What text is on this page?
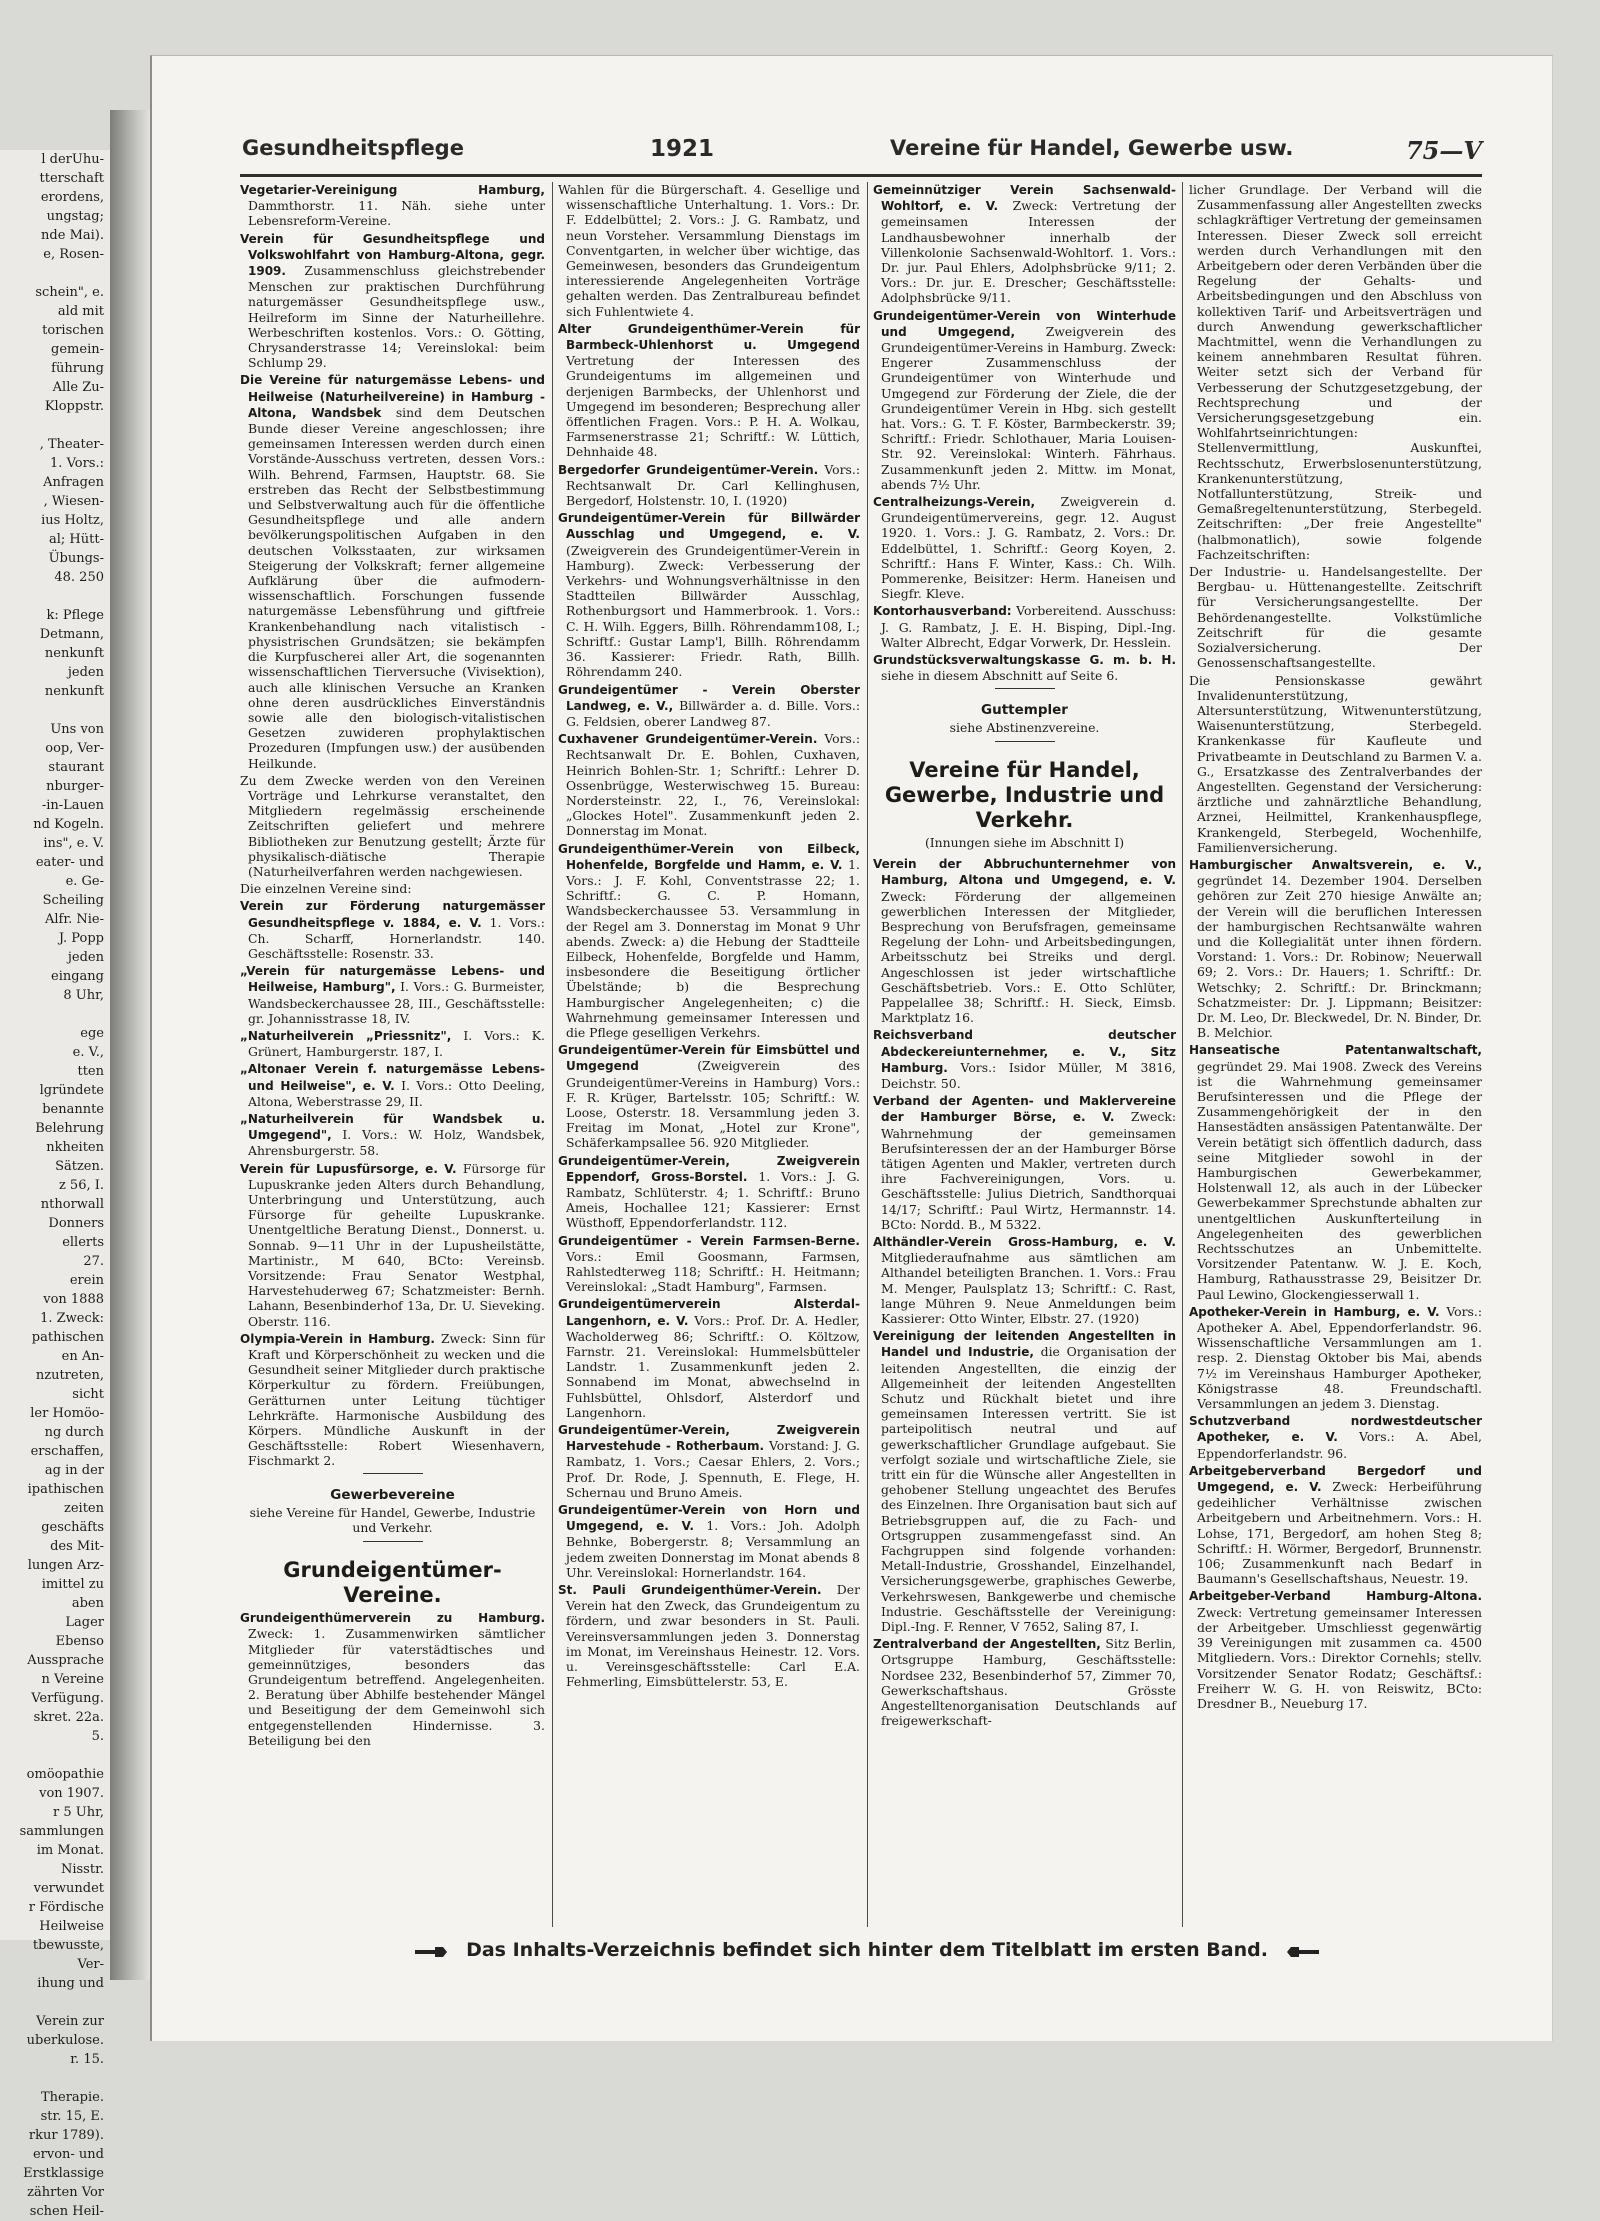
l derUhu-
tterschaft
erordens,
ungstag;
nde Mai).
e, Rosen-

schein", e.
ald mit
torischen
gemein-
führung
Alle Zu-
Kloppstr.

, Theater-
1. Vors.:
Anfragen
, Wiesen-
ius Holtz,
al; Hütt-
Übungs-
48. 250

k: Pflege
Detmann,
nenkunft
jeden
nenkunft

Uns von
oop, Ver-
staurant
nburger-
-in-Lauen
nd Kogeln.
ins", e. V.
eater- und
e. Ge-
Scheiling
Alfr. Nie-
J. Popp
jeden
eingang
8 Uhr,

ege
e. V.,
tten
lgründete
benannte
Belehrung
nkheiten
Sätzen.
z 56, I.
nthorwall
Donners
ellerts
27.
erein
von 1888
1. Zweck:
pathischen
en An-
nzutreten,
sicht
ler Homöo-
ng durch
erschaffen,
ag in der
ipathischen
zeiten
geschäfts
des Mit-
lungen Arz-
imittel zu
aben
Lager
Ebenso
Aussprache
n Vereine
Verfügung.
skret. 22a.
5.

omöopathie
von 1907.
r 5 Uhr,
sammlungen
im Monat.
Nisstr.
verwundet
r Fördische
Heilweise
tbewusste,
Ver-
ihung und

Verein zur
uberkulose.
r. 15.

Therapie.
str. 15, E.
rkur 1789).
ervon- und
Erstklassige
zährten Vor
schen Heil-
Gesundheitspflege	1921	Vereine für Handel, Gewerbe usw.	75—V

Vegetarier-Vereinigung Hamburg, Dammthorstr. 11. Näh. siehe unter Lebensreform-Vereine.

Verein für Gesundheitspflege und Volkswohlfahrt von Hamburg-Altona, gegr. 1909. Zusammenschluss gleichstrebender Menschen zur praktischen Durchführung naturgemässer Gesundheitspflege usw., Heilreform im Sinne der Naturheillehre. Werbeschriften kostenlos. Vors.: O. Götting, Chrysanderstrasse 14; Vereinslokal: beim Schlump 29.

Die Vereine für naturgemässe Lebens- und Heilweise (Naturheilvereine) in Hamburg - Altona, Wandsbek sind dem Deutschen Bunde dieser Vereine angeschlossen; ihre gemeinsamen Interessen werden durch einen Vorstände-Ausschuss vertreten, dessen Vors.: Wilh. Behrend, Farmsen, Hauptstr. 68. Sie erstreben das Recht der Selbstbestimmung und Selbstverwaltung auch für die öffentliche Gesundheitspflege und alle andern bevölkerungspolitischen Aufgaben in den deutschen Volksstaaten, zur wirksamen Steigerung der Volkskraft; ferner allgemeine Aufklärung über die aufmodern-wissenschaftlich. Forschungen fussende naturgemässe Lebensführung und giftfreie Krankenbehandlung nach vitalistisch - physistrischen Grundsätzen; sie bekämpfen die Kurpfuscherei aller Art, die sogenannten wissenschaftlichen Tierversuche (Vivisektion), auch alle klinischen Versuche an Kranken ohne deren ausdrückliches Einverständnis sowie alle den biologisch-vitalistischen Gesetzen zuwideren prophylaktischen Prozeduren (Impfungen usw.) der ausübenden Heilkunde.

Zu dem Zwecke werden von den Vereinen Vorträge und Lehrkurse veranstaltet, den Mitgliedern regelmässig erscheinende Zeitschriften geliefert und mehrere Bibliotheken zur Benutzung gestellt; Ärzte für physikalisch-diätische Therapie (Naturheilverfahren werden nachgewiesen.

Die einzelnen Vereine sind:

Verein zur Förderung naturgemässer Gesundheitspflege v. 1884, e. V. 1. Vors.: Ch. Scharff, Hornerlandstr. 140. Geschäftsstelle: Rosenstr. 33.

„Verein für naturgemässe Lebens- und Heilweise, Hamburg", I. Vors.: G. Burmeister, Wandsbeckerchaussee 28, III., Geschäftsstelle: gr. Johannisstrasse 18, IV.

„Naturheilverein „Priessnitz", I. Vors.: K. Grünert, Hamburgerstr. 187, I.

„Altonaer Verein f. naturgemässe Lebens- und Heilweise", e. V. I. Vors.: Otto Deeling, Altona, Weberstrasse 29, II.

„Naturheilverein für Wandsbek u. Umgegend", I. Vors.: W. Holz, Wandsbek, Ahrensburgerstr. 58.

Verein für Lupusfürsorge, e. V. Fürsorge für Lupuskranke jeden Alters durch Behandlung, Unterbringung und Unterstützung, auch Fürsorge für geheilte Lupuskranke. Unentgeltliche Beratung Dienst., Donnerst. u. Sonnab. 9—11 Uhr in der Lupusheilstätte, Martinistr., M 640, BCto: Vereinsb. Vorsitzende: Frau Senator Westphal, Harvestehuderweg 67; Schatzmeister: Bernh. Lahann, Besenbinderhof 13a, Dr. U. Sieveking. Oberstr. 116.

Olympia-Verein in Hamburg. Zweck: Sinn für Kraft und Körperschönheit zu wecken und die Gesundheit seiner Mitglieder durch praktische Körperkultur zu fördern. Freiübungen, Gerätturnen unter Leitung tüchtiger Lehrkräfte. Harmonische Ausbildung des Körpers. Mündliche Auskunft in der Geschäftsstelle: Robert Wiesenhavern, Fischmarkt 2.

Gewerbevereine
siehe Vereine für Handel, Gewerbe, Industrie und Verkehr.
Grundeigentümer-Vereine.

Grundeigenthümerverein zu Hamburg. Zweck: 1. Zusammenwirken sämtlicher Mitglieder für vaterstädtisches und gemeinnütziges, besonders das Grundeigentum betreffend. Angelegenheiten. 2. Beratung über Abhilfe bestehender Mängel und Beseitigung der dem Gemeinwohl sich entgegenstellenden Hindernisse. 3. Beteiligung bei den

Wahlen für die Bürgerschaft. 4. Gesellige und wissenschaftliche Unterhaltung. 1. Vors.: Dr. F. Eddelbüttel; 2. Vors.: J. G. Rambatz, und neun Vorsteher. Versammlung Dienstags im Conventgarten, in welcher über wichtige, das Gemeinwesen, besonders das Grundeigentum interessierende Angelegenheiten Vorträge gehalten werden. Das Zentralbureau befindet sich Fuhlentwiete 4.

Alter Grundeigenthümer-Verein für Barmbeck-Uhlenhorst u. Umgegend Vertretung der Interessen des Grundeigentums im allgemeinen und derjenigen Barmbecks, der Uhlenhorst und Umgegend im besonderen; Besprechung aller öffentlichen Fragen. Vors.: P. H. A. Wolkau, Farmsenerstrasse 21; Schriftf.: W. Lüttich, Dehnhaide 48.

Bergedorfer Grundeigentümer-Verein. Vors.: Rechtsanwalt Dr. Carl Kellinghusen, Bergedorf, Holstenstr. 10, I. (1920)

Grundeigentümer-Verein für Billwärder Ausschlag und Umgegend, e. V. (Zweigverein des Grundeigentümer-Verein in Hamburg). Zweck: Verbesserung der Verkehrs- und Wohnungsverhältnisse in den Stadtteilen Billwärder Ausschlag, Rothenburgsort und Hammerbrook. 1. Vors.: C. H. Wilh. Eggers, Billh. Röhrendamm108, I.; Schriftf.: Gustar Lamp'l, Billh. Röhrendamm 36. Kassierer: Friedr. Rath, Billh. Röhrendamm 240.

Grundeigentümer - Verein Oberster Landweg, e. V., Billwärder a. d. Bille. Vors.: G. Feldsien, oberer Landweg 87.

Cuxhavener Grundeigentümer-Verein. Vors.: Rechtsanwalt Dr. E. Bohlen, Cuxhaven, Heinrich Bohlen-Str. 1; Schriftf.: Lehrer D. Ossenbrügge, Westerwischweg 15. Bureau: Nordersteinstr. 22, I., 76, Vereinslokal: „Glockes Hotel". Zusammenkunft jeden 2. Donnerstag im Monat.

Grundeigenthümer-Verein von Eilbeck, Hohenfelde, Borgfelde und Hamm, e. V. 1. Vors.: J. F. Kohl, Conventstrasse 22; 1. Schriftf.: G. C. P. Homann, Wandsbeckerchaussee 53. Versammlung in der Regel am 3. Donnerstag im Monat 9 Uhr abends. Zweck: a) die Hebung der Stadtteile Eilbeck, Hohenfelde, Borgfelde und Hamm, insbesondere die Beseitigung örtlicher Übelstände; b) die Besprechung Hamburgischer Angelegenheiten; c) die Wahrnehmung gemeinsamer Interessen und die Pflege geselligen Verkehrs.

Grundeigentümer-Verein für Eimsbüttel und Umgegend	(Zweigverein des Grundeigentümer-Vereins in Hamburg) Vors.: F. R. Krüger, Bartelsstr. 105; Schriftf.: W. Loose, Osterstr. 18. Versammlung jeden 3. Freitag im Monat, „Hotel zur Krone", Schäferkampsallee 56. 920 Mitglieder.

Grundeigentümer-Verein, Zweigverein Eppendorf, Gross-Borstel. 1. Vors.: J. G. Rambatz, Schlüterstr. 4; 1. Schriftf.: Bruno Ameis, Hochallee 121; Kassierer: Ernst Wüsthoff, Eppendorferlandstr. 112.

Grundeigentümer - Verein Farmsen-Berne. Vors.: Emil Goosmann, Farmsen, Rahlstedterweg 118; Schriftf.: H. Heitmann; Vereinslokal: „Stadt Hamburg", Farmsen.

Grundeigentümerverein Alsterdal-Langenhorn, e. V. Vors.: Prof. Dr. A. Hedler, Wacholderweg 86; Schriftf.: O. Költzow, Farnstr. 21. Vereinslokal: Hummelsbütteler Landstr. 1. Zusammenkunft jeden 2. Sonnabend im Monat, abwechselnd in Fuhlsbüttel, Ohlsdorf, Alsterdorf und Langenhorn.

Grundeigentümer-Verein, Zweigverein Harvestehude - Rotherbaum. Vorstand: J. G. Rambatz, 1. Vors.; Caesar Ehlers, 2. Vors.; Prof. Dr. Rode, J. Spennuth, E. Flege, H. Schernau und Bruno Ameis.

Grundeigentümer-Verein von Horn und Umgegend, e. V. 1. Vors.: Joh. Adolph Behnke, Bobergerstr. 8; Versammlung an jedem zweiten Donnerstag im Monat abends 8 Uhr. Vereinslokal: Hornerlandstr. 164.

St. Pauli Grundeigenthümer-Verein. Der Verein hat den Zweck, das Grundeigentum zu fördern, und zwar besonders in St. Pauli. Vereinsversammlungen jeden 3. Donnerstag im Monat, im Vereinshaus Heinestr. 12. Vors. u. Vereinsgeschäftsstelle: Carl E.A. Fehmerling, Eimsbüttelerstr. 53, E.

Gemeinnütziger Verein Sachsenwald-Wohltorf, e. V. Zweck: Vertretung der gemeinsamen Interessen der Landhausbewohner innerhalb der Villenkolonie Sachsenwald-Wohltorf. 1. Vors.: Dr. jur. Paul Ehlers, Adolphsbrücke 9/11; 2. Vors.: Dr. jur. E. Drescher; Geschäftsstelle: Adolphsbrücke 9/11.

Grundeigentümer-Verein von Winterhude und Umgegend, Zweigverein des Grundeigentümer-Vereins in Hamburg. Zweck: Engerer Zusammenschluss der Grundeigentümer von Winterhude und Umgegend zur Förderung der Ziele, die der Grundeigentümer Verein in Hbg. sich gestellt hat. Vors.: G. T. F. Köster, Barmbeckerstr. 39; Schriftf.: Friedr. Schlothauer, Maria Louisen-Str. 92. Vereinslokal: Winterh. Fährhaus. Zusammenkunft jeden 2. Mittw. im Monat, abends 7½ Uhr.

Centralheizungs-Verein, Zweigverein d. Grundeigentümervereins, gegr. 12. August 1920. 1. Vors.: J. G. Rambatz, 2. Vors.: Dr. Eddelbüttel, 1. Schriftf.: Georg Koyen, 2. Schriftf.: Hans F. Winter, Kass.: Ch. Wilh. Pommerenke, Beisitzer: Herm. Haneisen und Siegfr. Kleve.

Kontorhausverband: Vorbereitend. Ausschuss: J. G. Rambatz, J. E. H. Bisping, Dipl.-Ing. Walter Albrecht, Edgar Vorwerk, Dr. Hesslein.

Grundstücksverwaltungskasse G. m. b. H. siehe in diesem Abschnitt auf Seite 6.

Guttempler
siehe Abstinenzvereine.
Vereine für Handel, Gewerbe, Industrie und Verkehr.
(Innungen siehe im Abschnitt I)

Verein der Abbruchunternehmer von Hamburg, Altona und Umgegend, e. V. Zweck: Förderung der allgemeinen gewerblichen Interessen der Mitglieder, Besprechung von Berufsfragen, gemeinsame Regelung der Lohn- und Arbeitsbedingungen, Arbeitsschutz bei Streiks und dergl. Angeschlossen ist jeder wirtschaftliche Geschäftsbetrieb. Vors.: E. Otto Schlüter, Pappelallee 38; Schriftf.: H. Sieck, Eimsb. Marktplatz 16.

Reichsverband deutscher Abdeckereiunternehmer, e. V., Sitz Hamburg. Vors.: Isidor Müller, M 3816, Deichstr. 50.

Verband der Agenten- und Maklervereine der Hamburger Börse, e. V. Zweck: Wahrnehmung der gemeinsamen Berufsinteressen der an der Hamburger Börse tätigen Agenten und Makler, vertreten durch ihre Fachvereinigungen, Vors. u. Geschäftsstelle: Julius Dietrich, Sandthorquai 14/17; Schriftf.: Paul Wirtz, Hermannstr. 14. BCto: Nordd. B., M 5322.

Althändler-Verein Gross-Hamburg, e. V. Mitgliederaufnahme aus sämtlichen am Althandel beteiligten Branchen. 1. Vors.: Frau M. Menger, Paulsplatz 13; Schriftf.: C. Rast, lange Mühren 9. Neue Anmeldungen beim Kassierer: Otto Winter, Elbstr. 27. (1920)

Vereinigung der leitenden Angestellten in Handel und Industrie, die Organisation der leitenden Angestellten, die einzig der Allgemeinheit der leitenden Angestellten Schutz und Rückhalt bietet und ihre gemeinsamen Interessen vertritt. Sie ist parteipolitisch neutral und auf gewerkschaftlicher Grundlage aufgebaut. Sie verfolgt soziale und wirtschaftliche Ziele, sie tritt ein für die Wünsche aller Angestellten in gehobener Stellung ungeachtet des Berufes des Einzelnen. Ihre Organisation baut sich auf Betriebsgruppen auf, die zu Fach- und Ortsgruppen zusammengefasst sind. An Fachgruppen sind folgende vorhanden: Metall-Industrie, Grosshandel, Einzelhandel, Versicherungsgewerbe, graphisches Gewerbe, Verkehrswesen, Bankgewerbe und chemische Industrie. Geschäftsstelle der Vereinigung: Dipl.-Ing. F. Renner, V 7652, Saling 87, I.

Zentralverband der Angestellten, Sitz Berlin, Ortsgruppe Hamburg, Geschäftsstelle: Nordsee 232, Besenbinderhof 57, Zimmer 70, Gewerkschaftshaus. Grösste Angestelltenorganisation Deutschlands auf freigewerkschaft-

licher Grundlage. Der Verband will die Zusammenfassung aller Angestellten zwecks schlagkräftiger Vertretung der gemeinsamen Interessen. Dieser Zweck soll erreicht werden durch Verhandlungen mit den Arbeitgebern oder deren Verbänden über die Regelung der Gehalts- und Arbeitsbedingungen und den Abschluss von kollektiven Tarif- und Arbeitsverträgen und durch Anwendung gewerkschaftlicher Machtmittel, wenn die Verhandlungen zu keinem annehmbaren Resultat führen. Weiter setzt sich der Verband für Verbesserung der Schutzgesetzgebung, der Rechtsprechung und der Versicherungsgesetzgebung ein. Wohlfahrtseinrichtungen: Stellenvermittlung, Auskunftei, Rechtsschutz, Erwerbslosenunterstützung, Krankenunterstützung, Notfallunterstützung, Streik- und Gemaßregeltenunterstützung, Sterbegeld. Zeitschriften: „Der freie Angestellte" (halbmonatlich), sowie folgende Fachzeitschriften:

Der Industrie- u. Handelsangestellte. Der Bergbau- u. Hüttenangestellte. Zeitschrift für Versicherungsangestellte. Der Behördenangestellte. Volkstümliche Zeitschrift für die gesamte Sozialversicherung. Der Genossenschaftsangestellte.

Die Pensionskasse gewährt Invalidenunterstützung, Altersunterstützung, Witwenunterstützung, Waisenunterstützung, Sterbegeld. Krankenkasse für Kaufleute und Privatbeamte in Deutschland zu Barmen V. a. G., Ersatzkasse des Zentralverbandes der Angestellten. Gegenstand der Versicherung: ärztliche und zahnärztliche Behandlung, Arznei, Heilmittel, Krankenhauspflege, Krankengeld, Sterbegeld, Wochenhilfe, Familienversicherung.

Hamburgischer Anwaltsverein, e. V., gegründet 14. Dezember 1904. Derselben gehören zur Zeit 270 hiesige Anwälte an; der Verein will die beruflichen Interessen der hamburgischen Rechtsanwälte wahren und die Kollegialität unter ihnen fördern. Vorstand: 1. Vors.: Dr. Robinow; Neuerwall 69; 2. Vors.: Dr. Hauers; 1. Schriftf.: Dr. Wetschky; 2. Schriftf.: Dr. Brinckmann; Schatzmeister: Dr. J. Lippmann; Beisitzer: Dr. M. Leo, Dr. Bleckwedel, Dr. N. Binder, Dr. B. Melchior.

Hanseatische Patentanwaltschaft, gegründet 29. Mai 1908. Zweck des Vereins ist die Wahrnehmung gemeinsamer Berufsinteressen und die Pflege der Zusammengehörigkeit der in den Hansestädten ansässigen Patentanwälte. Der Verein betätigt sich öffentlich dadurch, dass seine Mitglieder sowohl in der Hamburgischen Gewerbekammer, Holstenwall 12, als auch in der Lübecker Gewerbekammer Sprechstunde abhalten zur unentgeltlichen Auskunfterteilung in Angelegenheiten des gewerblichen Rechtsschutzes an Unbemittelte. Vorsitzender Patentanw. W. J. E. Koch, Hamburg, Rathausstrasse 29, Beisitzer Dr. Paul Lewino, Glockengiesserwall 1.

Apotheker-Verein in Hamburg, e. V. Vors.: Apotheker A. Abel, Eppendorferlandstr. 96. Wissenschaftliche Versammlungen am 1. resp. 2. Dienstag Oktober bis Mai, abends 7½ im Vereinshaus Hamburger Apotheker, Königstrasse 48. Freundschaftl. Versammlungen an jedem 3. Dienstag.

Schutzverband nordwestdeutscher Apotheker, e. V. Vors.: A. Abel, Eppendorferlandstr. 96.

Arbeitgeberverband Bergedorf und Umgegend, e. V. Zweck: Herbeiführung gedeihlicher Verhältnisse zwischen Arbeitgebern und Arbeitnehmern. Vors.: H. Lohse, 171, Bergedorf, am hohen Steg 8; Schriftf.: H. Wörmer, Bergedorf, Brunnenstr. 106; Zusammenkunft nach Bedarf in Baumann's Gesellschaftshaus, Neuestr. 19.

Arbeitgeber-Verband Hamburg-Altona. Zweck: Vertretung gemeinsamer Interessen der Arbeitgeber. Umschliesst gegenwärtig 39 Vereinigungen mit zusammen ca. 4500 Mitgliedern. Vors.: Direktor Cornehls; stellv. Vorsitzender Senator Rodatz; Geschäftsf.: Freiherr W. G. H. von Reiswitz, BCto: Dresdner B., Neueburg 17.

Das Inhalts-Verzeichnis befindet sich hinter dem Titelblatt im ersten Band.
